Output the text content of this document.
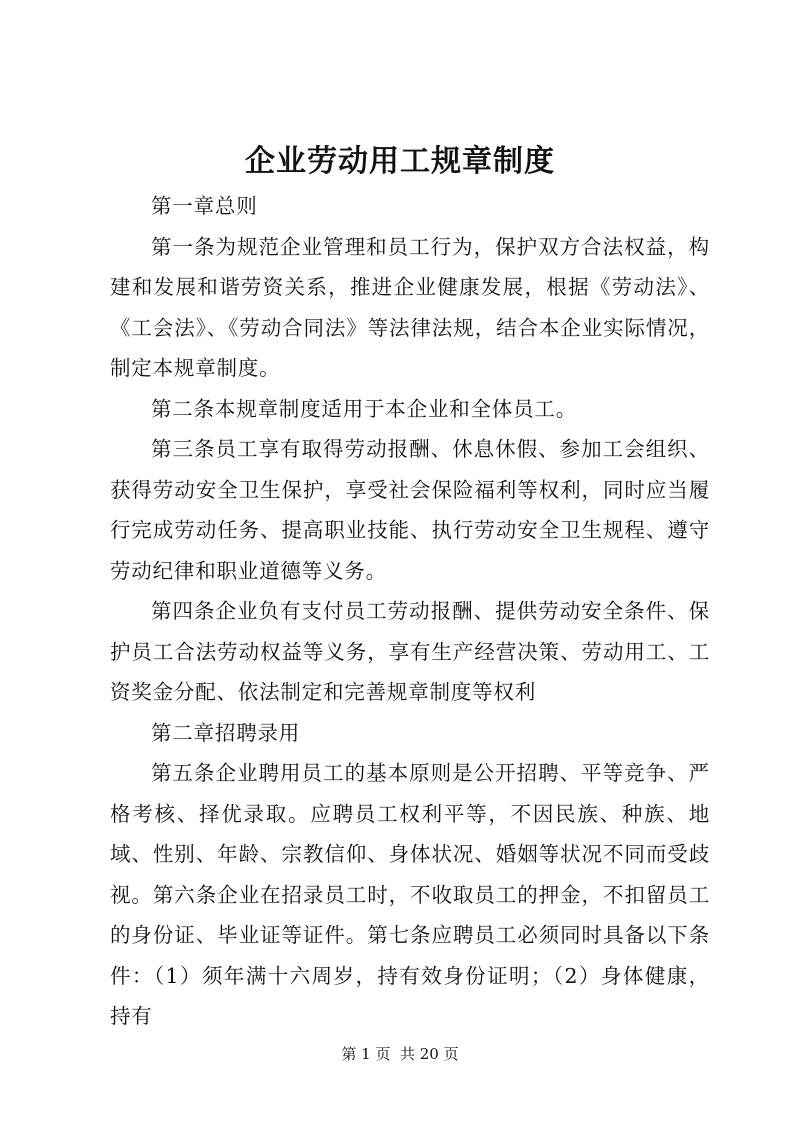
企业劳动用工规章制度

第一章总则

第一条为规范企业管理和员工行为，保护双方合法权益，构建和发展和谐劳资关系，推进企业健康发展，根据《劳动法》、《工会法》、《劳动合同法》等法律法规，结合本企业实际情况，制定本规章制度。

第二条本规章制度适用于本企业和全体员工。

第三条员工享有取得劳动报酬、休息休假、参加工会组织、获得劳动安全卫生保护，享受社会保险福利等权利，同时应当履行完成劳动任务、提高职业技能、执行劳动安全卫生规程、遵守劳动纪律和职业道德等义务。

第四条企业负有支付员工劳动报酬、提供劳动安全条件、保护员工合法劳动权益等义务，享有生产经营决策、劳动用工、工资奖金分配、依法制定和完善规章制度等权利

第二章招聘录用

第五条企业聘用员工的基本原则是公开招聘、平等竞争、严格考核、择优录取。应聘员工权利平等，不因民族、种族、地域、性别、年龄、宗教信仰、身体状况、婚姻等状况不同而受歧视。第六条企业在招录员工时，不收取员工的押金，不扣留员工的身份证、毕业证等证件。第七条应聘员工必须同时具备以下条件：（1）须年满十六周岁，持有效身份证明；（2）身体健康，持有

第 1 页  共 20 页
